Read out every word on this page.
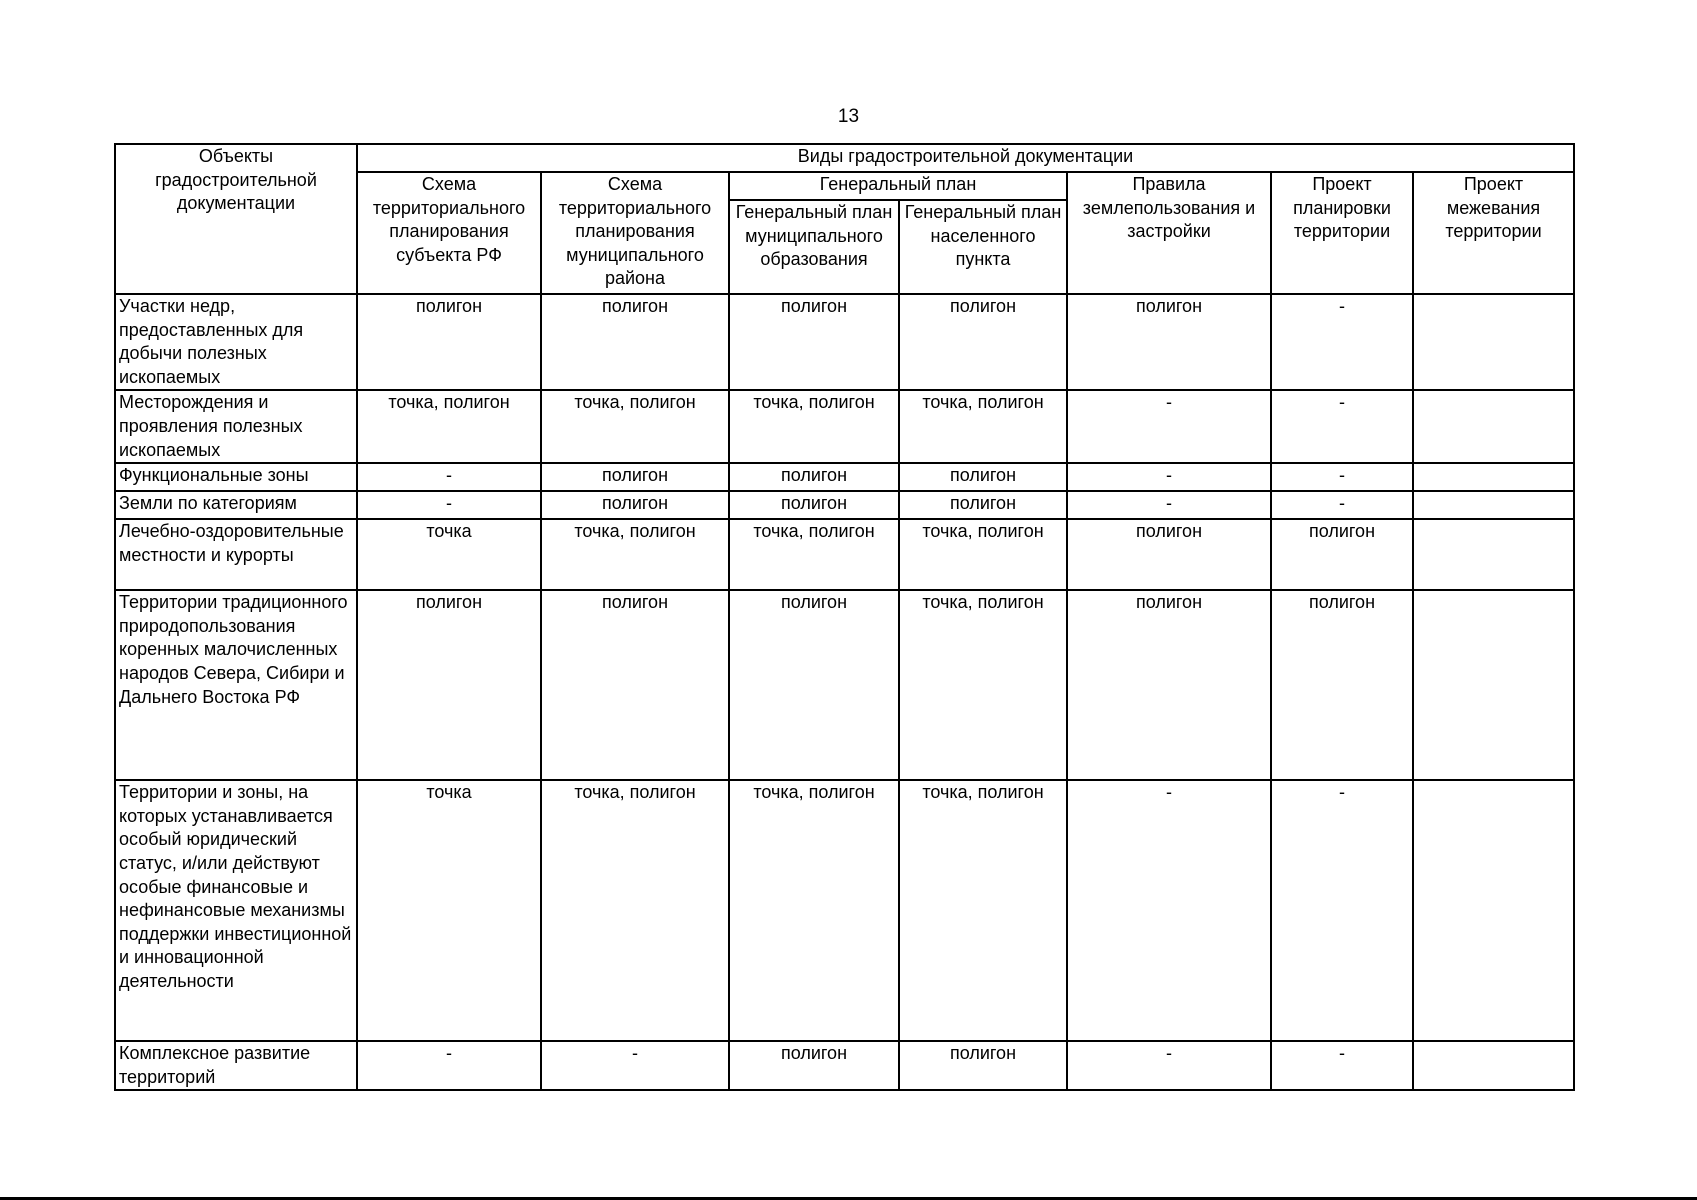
13
Объекты градостроительной документации	Виды градостроительной документации						
	Схема территориального планирования субъекта РФ	Схема территориального планирования муниципального района	Генеральный план		Правила землепользования и застройки	Проект планировки территории	Проект межевания территории
			Генеральный план муниципального образования	Генеральный план населенного пункта			
Участки недр, предоставленных для добычи полезных ископаемых	полигон	полигон	полигон	полигон	полигон	-	
Месторождения и проявления полезных ископаемых	точка, полигон	точка, полигон	точка, полигон	точка, полигон	-	-	
Функциональные зоны	-	полигон	полигон	полигон	-	-	
Земли по категориям	-	полигон	полигон	полигон	-	-	
Лечебно-оздоровительные местности и курорты	точка	точка, полигон	точка, полигон	точка, полигон	полигон	полигон	
Территории традиционного природопользования коренных малочисленных народов Севера, Сибири и Дальнего Востока РФ	полигон	полигон	полигон	точка, полигон	полигон	полигон	
Территории и зоны, на которых устанавливается особый юридический статус, и/или действуют особые финансовые и нефинансовые механизмы поддержки инвестиционной и инновационной деятельности	точка	точка, полигон	точка, полигон	точка, полигон	-	-	
Комплексное развитие территорий	-	-	полигон	полигон	-	-	
